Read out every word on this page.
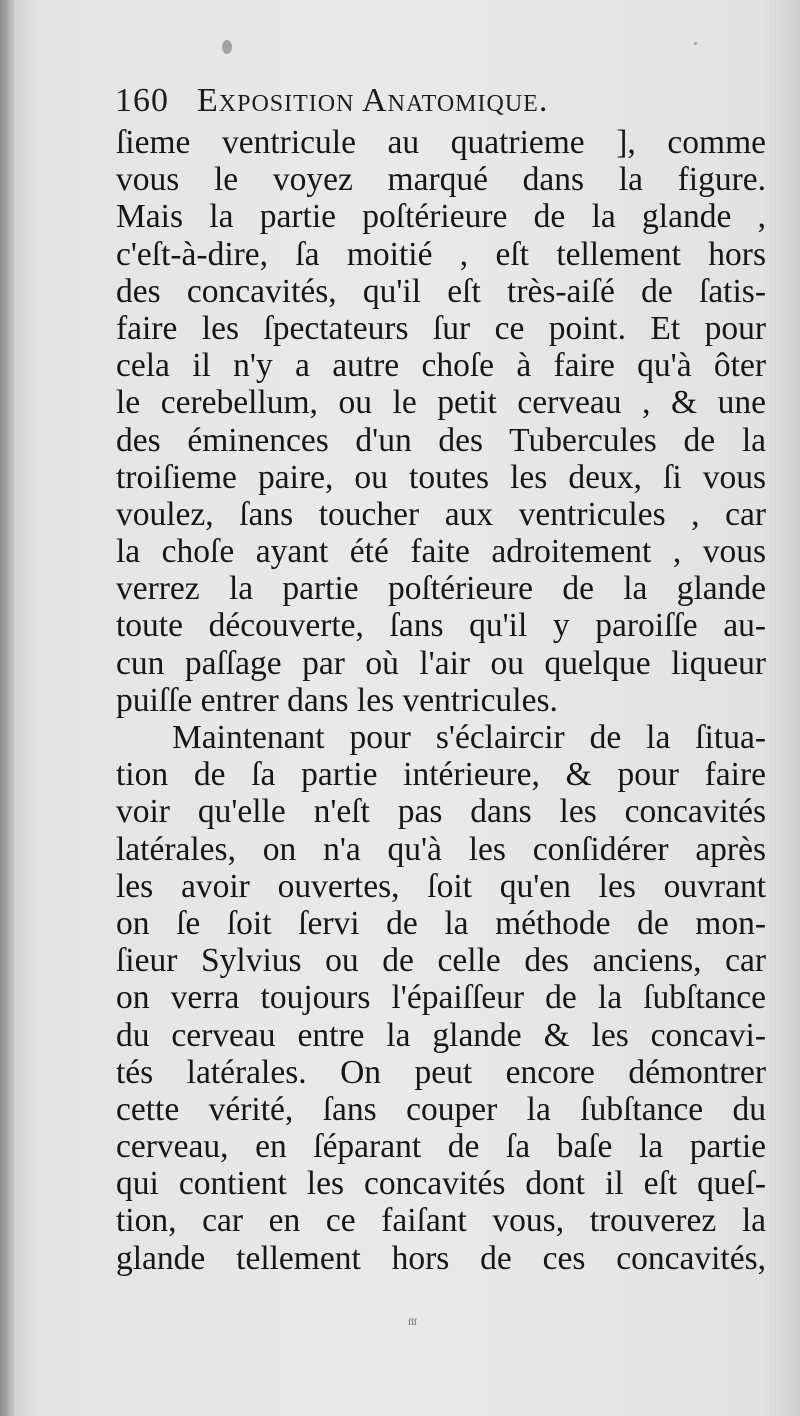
160 Exposition Anatomique.
ſieme ventricule au quatrieme ], comme
vous le voyez marqué dans la figure.
Mais la partie poſtérieure de la glande ,
c'eſt-à-dire, ſa moitié , eſt tellement hors
des concavités, qu'il eſt très-aiſé de ſatis-
faire les ſpectateurs ſur ce point. Et pour
cela il n'y a autre choſe à faire qu'à ôter
le cerebellum, ou le petit cerveau , & une
des éminences d'un des Tubercules de la
troiſieme paire, ou toutes les deux, ſi vous
voulez, ſans toucher aux ventricules , car
la choſe ayant été faite adroitement , vous
verrez la partie poſtérieure de la glande
toute découverte, ſans qu'il y paroiſſe au-
cun paſſage par où l'air ou quelque liqueur
puiſſe entrer dans les ventricules.
Maintenant pour s'éclaircir de la ſitua-
tion de ſa partie intérieure, & pour faire
voir qu'elle n'eſt pas dans les concavités
latérales, on n'a qu'à les conſidérer après
les avoir ouvertes, ſoit qu'en les ouvrant
on ſe ſoit ſervi de la méthode de mon-
ſieur Sylvius ou de celle des anciens, car
on verra toujours l'épaiſſeur de la ſubſtance
du cerveau entre la glande & les concavi-
tés latérales. On peut encore démontrer
cette vérité, ſans couper la ſubſtance du
cerveau, en ſéparant de ſa baſe la partie
qui contient les concavités dont il eſt queſ-
tion, car en ce faiſant vous, trouverez la
glande tellement hors de ces concavités,
ſſſ
